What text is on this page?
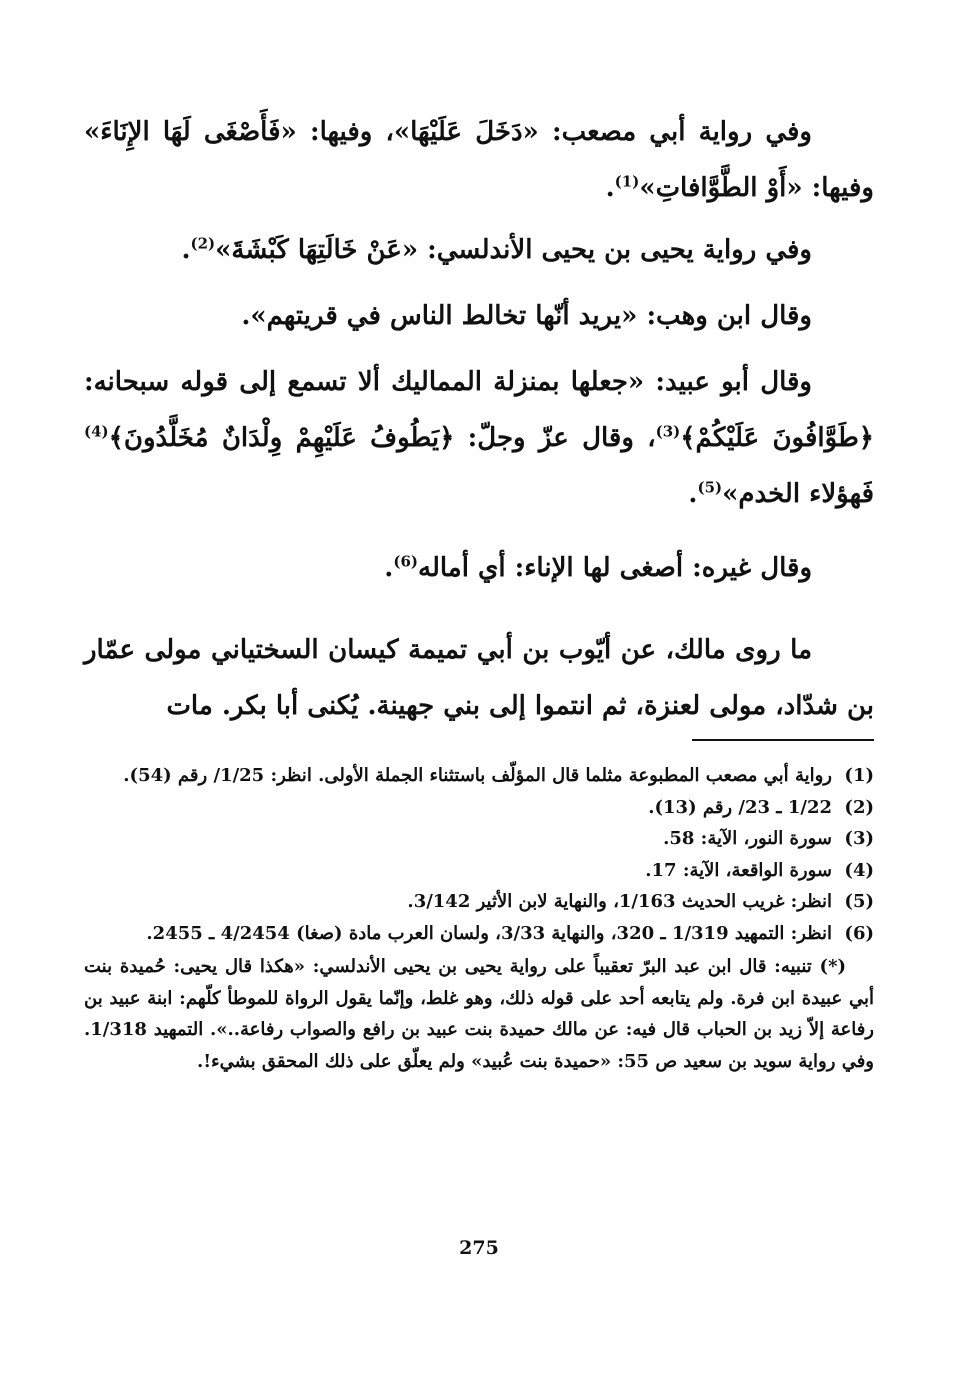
وفي رواية أبي مصعب: «دَخَلَ عَلَيْهَا»، وفيها: «فَأَصْغَى لَهَا الإِنَاءَ» وفيها: «أَوْ الطَّوَّافاتِ»$^{(1)}$.

وفي رواية يحيى بن يحيى الأندلسي: «عَنْ خَالَتِهَا كَبْشَةَ»$^{(2)}$.

وقال ابن وهب: «يريد أنّها تخالط الناس في قريتهم».

وقال أبو عبيد: «جعلها بمنزلة المماليك ألا تسمع إلى قوله سبحانه: ﴿طَوَّافُونَ عَلَيْكُمْ﴾$^{(3)}$، وقال عزّ وجلّ: ﴿يَطُوفُ عَلَيْهِمْ وِلْدَانٌ مُخَلَّدُونَ﴾$^{(4)}$ فَهؤلاء الخدم»$^{(5)}$.

وقال غيره: أصغى لها الإناء: أي أماله$^{(6)}$.

ما روى مالك، عن أيّوب بن أبي تميمة كيسان السختياني مولى عمّار بن شدّاد، مولى لعنزة، ثم انتموا إلى بني جهينة. يُكنى أبا بكر. مات

(1)
رواية أبي مصعب المطبوعة مثلما قال المؤلّف باستثناء الجملة الأولى. انظر: 1/25/ رقم (54).

(2)
1/22 ـ 23/ رقم (13).

(3)
سورة النور، الآية: 58.

(4)
سورة الواقعة، الآية: 17.

(5)
انظر: غريب الحديث 1/163، والنهاية لابن الأثير 3/142.

(6)
انظر: التمهيد 1/319 ـ 320، والنهاية 3/33، ولسان العرب مادة (صغا) 4/2454 ـ 2455.

(*) تنبيه: قال ابن عبد البرّ تعقيباً على رواية يحيى بن يحيى الأندلسي: «هكذا قال يحيى: حُميدة بنت أبي عبيدة ابن فرة. ولم يتابعه أحد على قوله ذلك، وهو غلط، وإنّما يقول الرواة للموطأ كلّهم: ابنة عبيد بن رفاعة إلاّ زيد بن الحباب قال فيه: عن مالك حميدة بنت عبيد بن رافع والصواب رفاعة..». التمهيد 1/318. وفي رواية سويد بن سعيد ص 55: «حميدة بنت عُبيد» ولم يعلّق على ذلك المحقق بشيء!.

275
